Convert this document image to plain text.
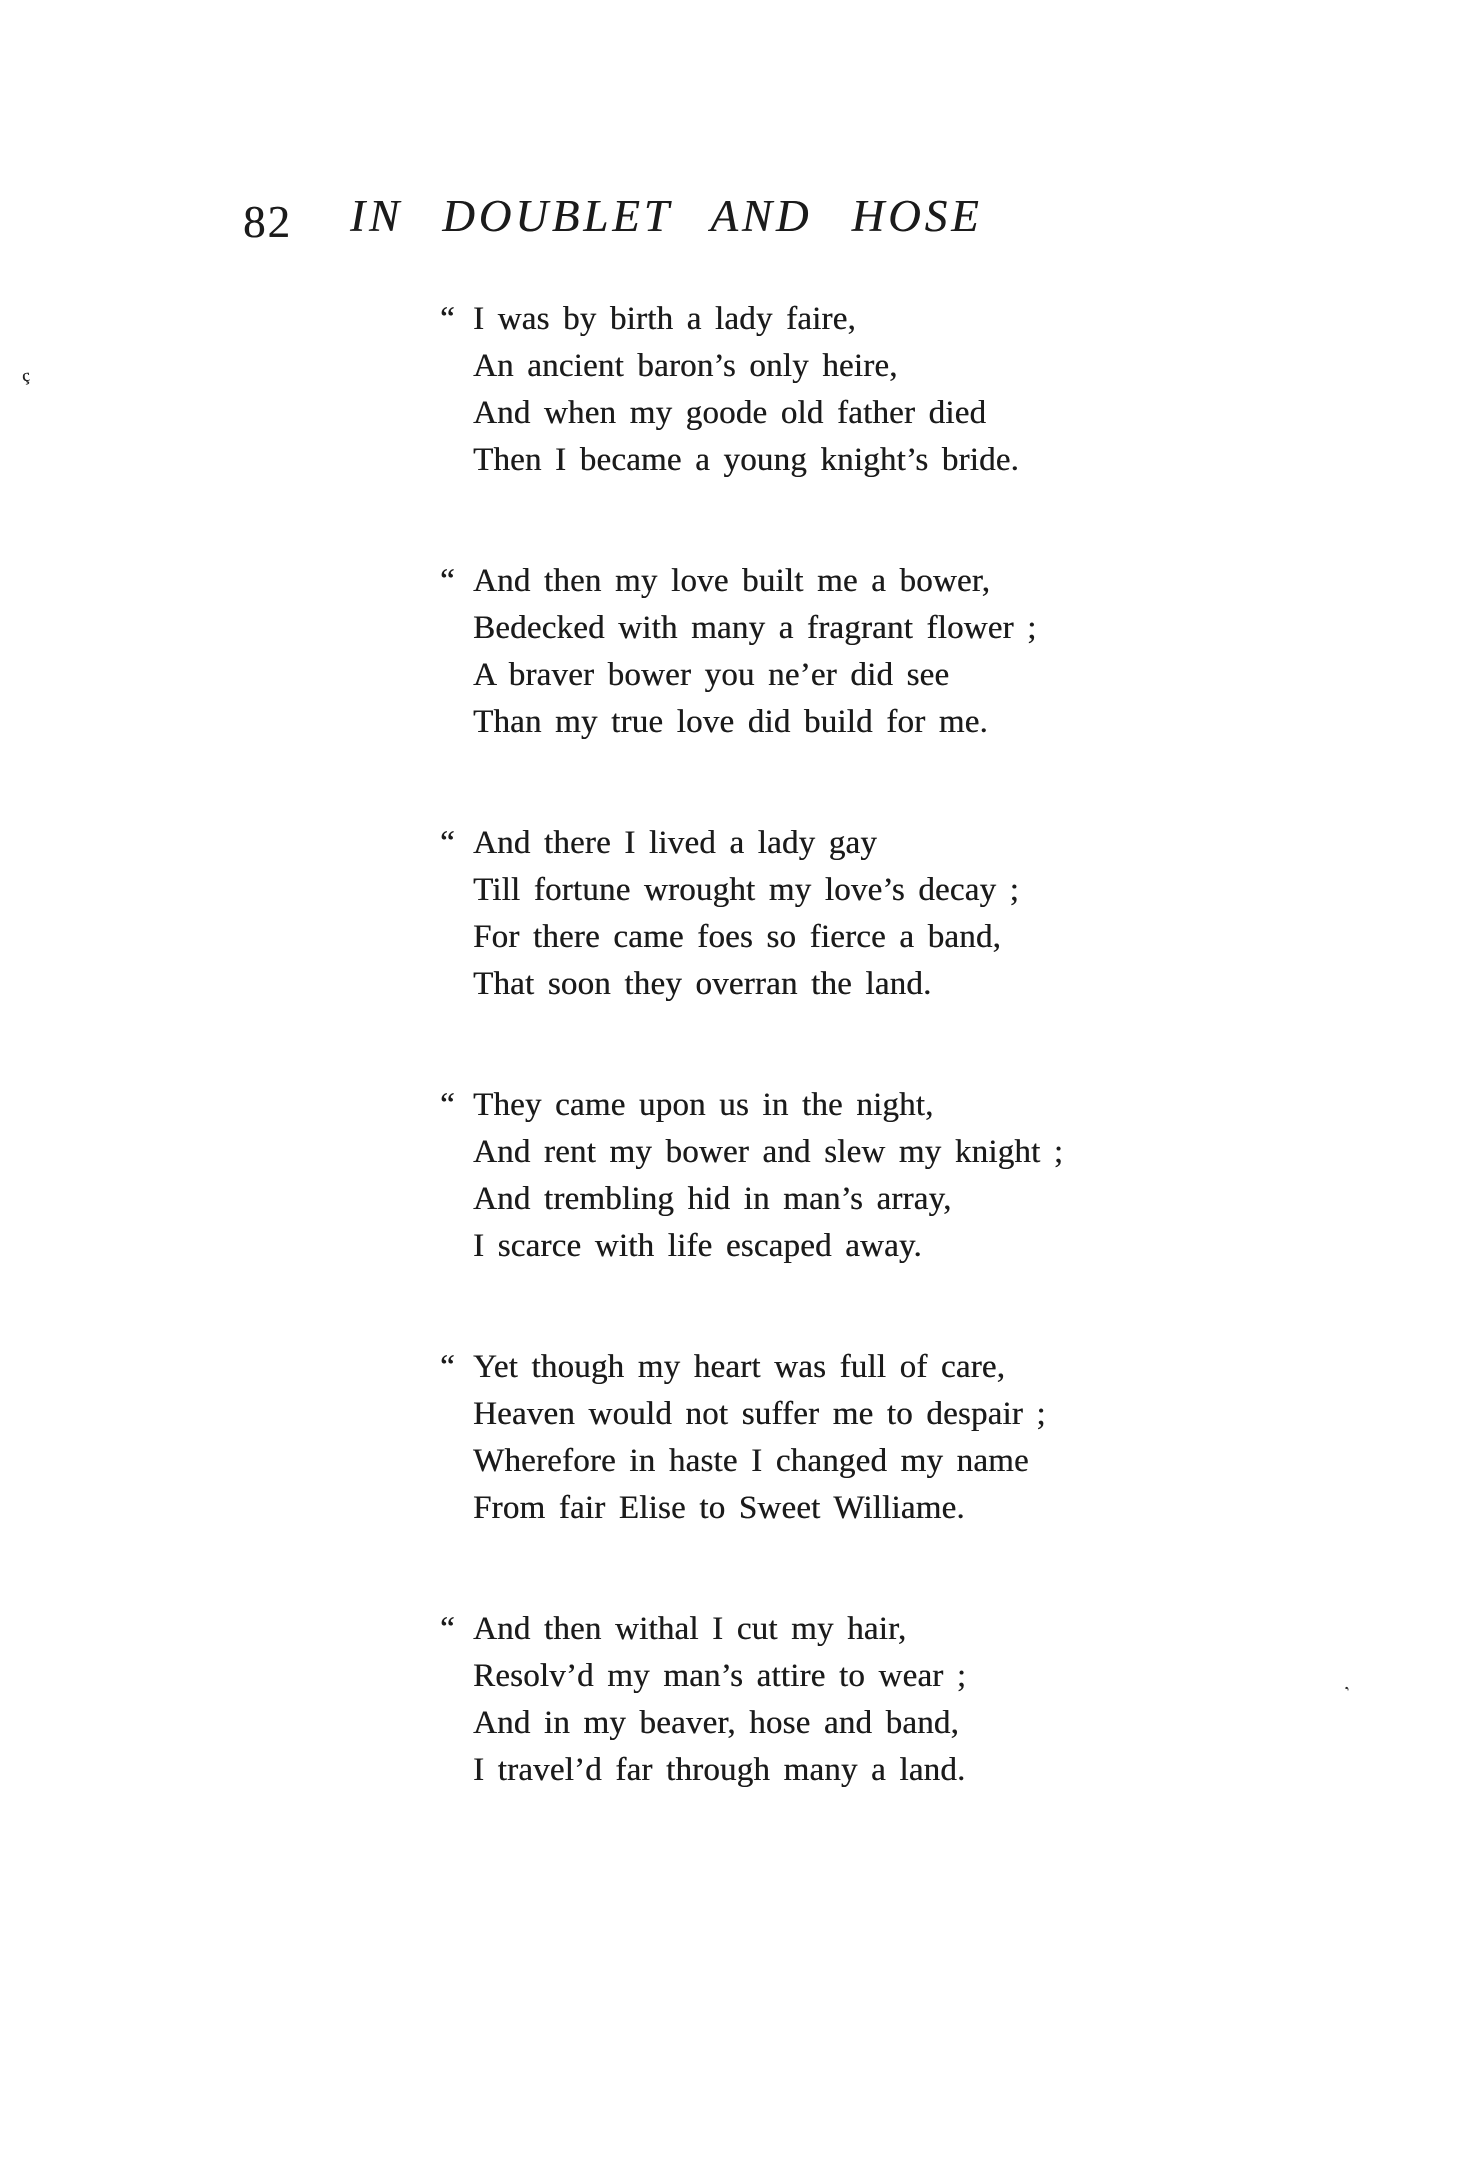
82 IN DOUBLET AND HOSE
“ I was by birth a lady faire,
An ancient baron’s only heire,
And when my goode old father died
Then I became a young knight’s bride.
“ And then my love built me a bower,
Bedecked with many a fragrant flower ;
A braver bower you ne’er did see
Than my true love did build for me.
“ And there I lived a lady gay
Till fortune wrought my love’s decay ;
For there came foes so fierce a band,
That soon they overran the land.
“ They came upon us in the night,
And rent my bower and slew my knight ;
And trembling hid in man’s array,
I scarce with life escaped away.
“ Yet though my heart was full of care,
Heaven would not suffer me to despair ;
Wherefore in haste I changed my name
From fair Elise to Sweet Williame.
“ And then withal I cut my hair,
Resolv’d my man’s attire to wear ;
And in my beaver, hose and band,
I travel’d far through many a land.
ç
,
